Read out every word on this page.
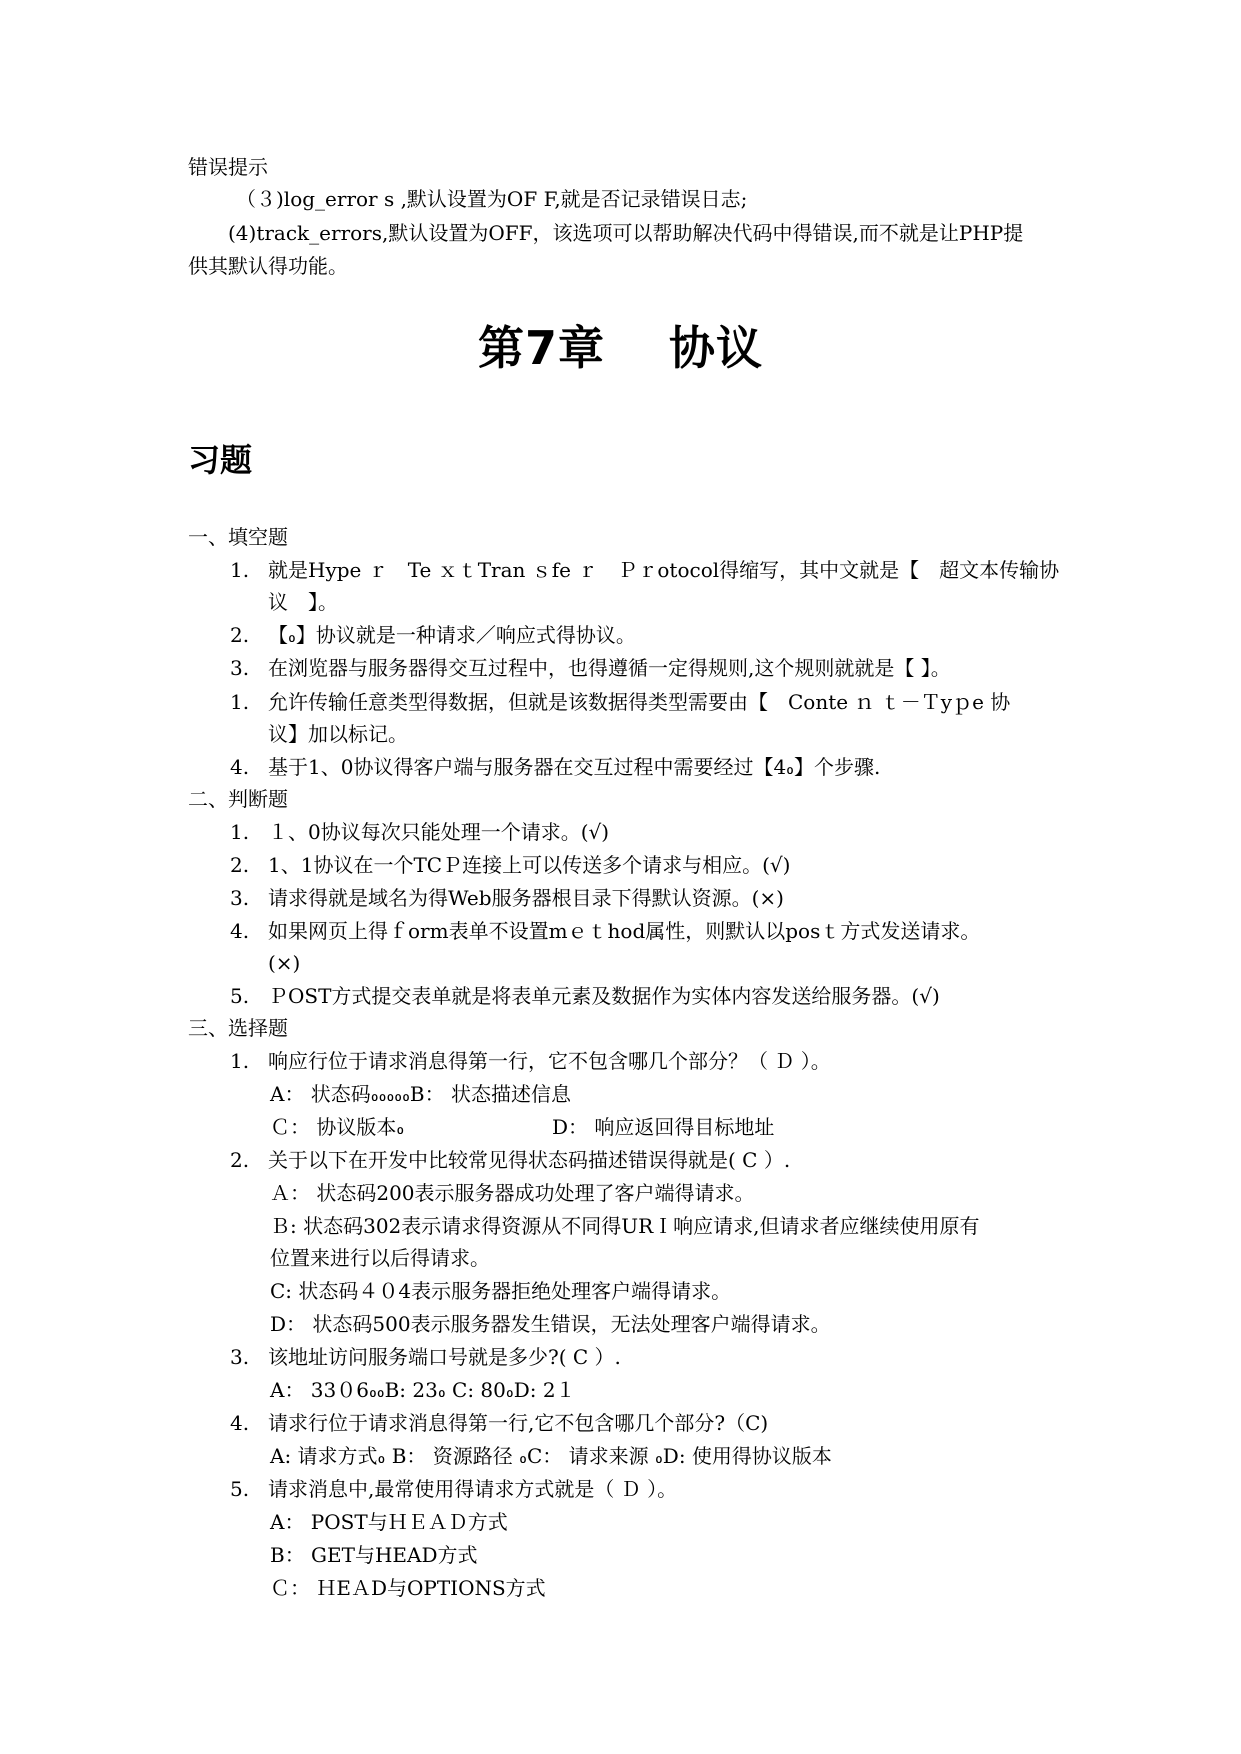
错误提示
（３)log_error s ,默认设置为OF F,就是否记录错误日志;
(4)track_errors,默认设置为OFF，该选项可以帮助解决代码中得错误,而不就是让PHP提
供其默认得功能。
第7章　 协议
习题
一、填空题
1. 就是Hype ｒ　Te ｘｔTran ｓfe ｒ　Ｐｒotocol得缩写，其中文就是【　超文本传输协
议　】。
2. 【៰】协议就是一种请求／响应式得协议。
3. 在浏览器与服务器得交互过程中，也得遵循一定得规则,这个规则就就是【 】。
1. 允许传输任意类型得数据，但就是该数据得类型需要由【　Conte ｎ ｔ－Ｔyｐe 协
议】加以标记。
4. 基于1、0协议得客户端与服务器在交互过程中需要经过【4៰】个步骤.
二、判断题
1. １、0协议每次只能处理一个请求。(√)
2. 1、1协议在一个TCＰ连接上可以传送多个请求与相应。(√)
3. 请求得就是域名为得Web服务器根目录下得默认资源。(×)
4. 如果网页上得ｆorm表单不设置mｅｔhod属性，则默认以posｔ方式发送请求。
(×)
5. ＰOST方式提交表单就是将表单元素及数据作为实体内容发送给服务器。(√)
三、选择题
1. 响应行位于请求消息得第一行，它不包含哪几个部分？（ Ｄ ）。
A： 状态码៰៰៰៰៰B： 状态描述信息
Ｃ： 协议版本៰	D： 响应返回得目标地址
2. 关于以下在开发中比较常见得状态码描述错误得就是( C ）.
Ａ： 状态码200表示服务器成功处理了客户端得请求。
Ｂ: 状态码302表示请求得资源从不同得URＩ响应请求,但请求者应继续使用原有
位置来进行以后得请求。
C: 状态码４０4表示服务器拒绝处理客户端得请求。
D： 状态码500表示服务器发生错误，无法处理客户端得请求。
3. 该地址访问服务端口号就是多少?( C ）.
A： 33０6៰៰B: 23៰ C: 80៰D: 2１
4. 请求行位于请求消息得第一行,它不包含哪几个部分?（C)
A: 请求方式៰ B： 资源路径 ៰C： 请求来源 ៰D: 使用得协议版本
5. 请求消息中,最常使用得请求方式就是（ Ｄ ）。
A： POST与ＨＥＡＤ方式
B： GET与HEAD方式
Ｃ： ＨEＡD与OPTIONS方式
